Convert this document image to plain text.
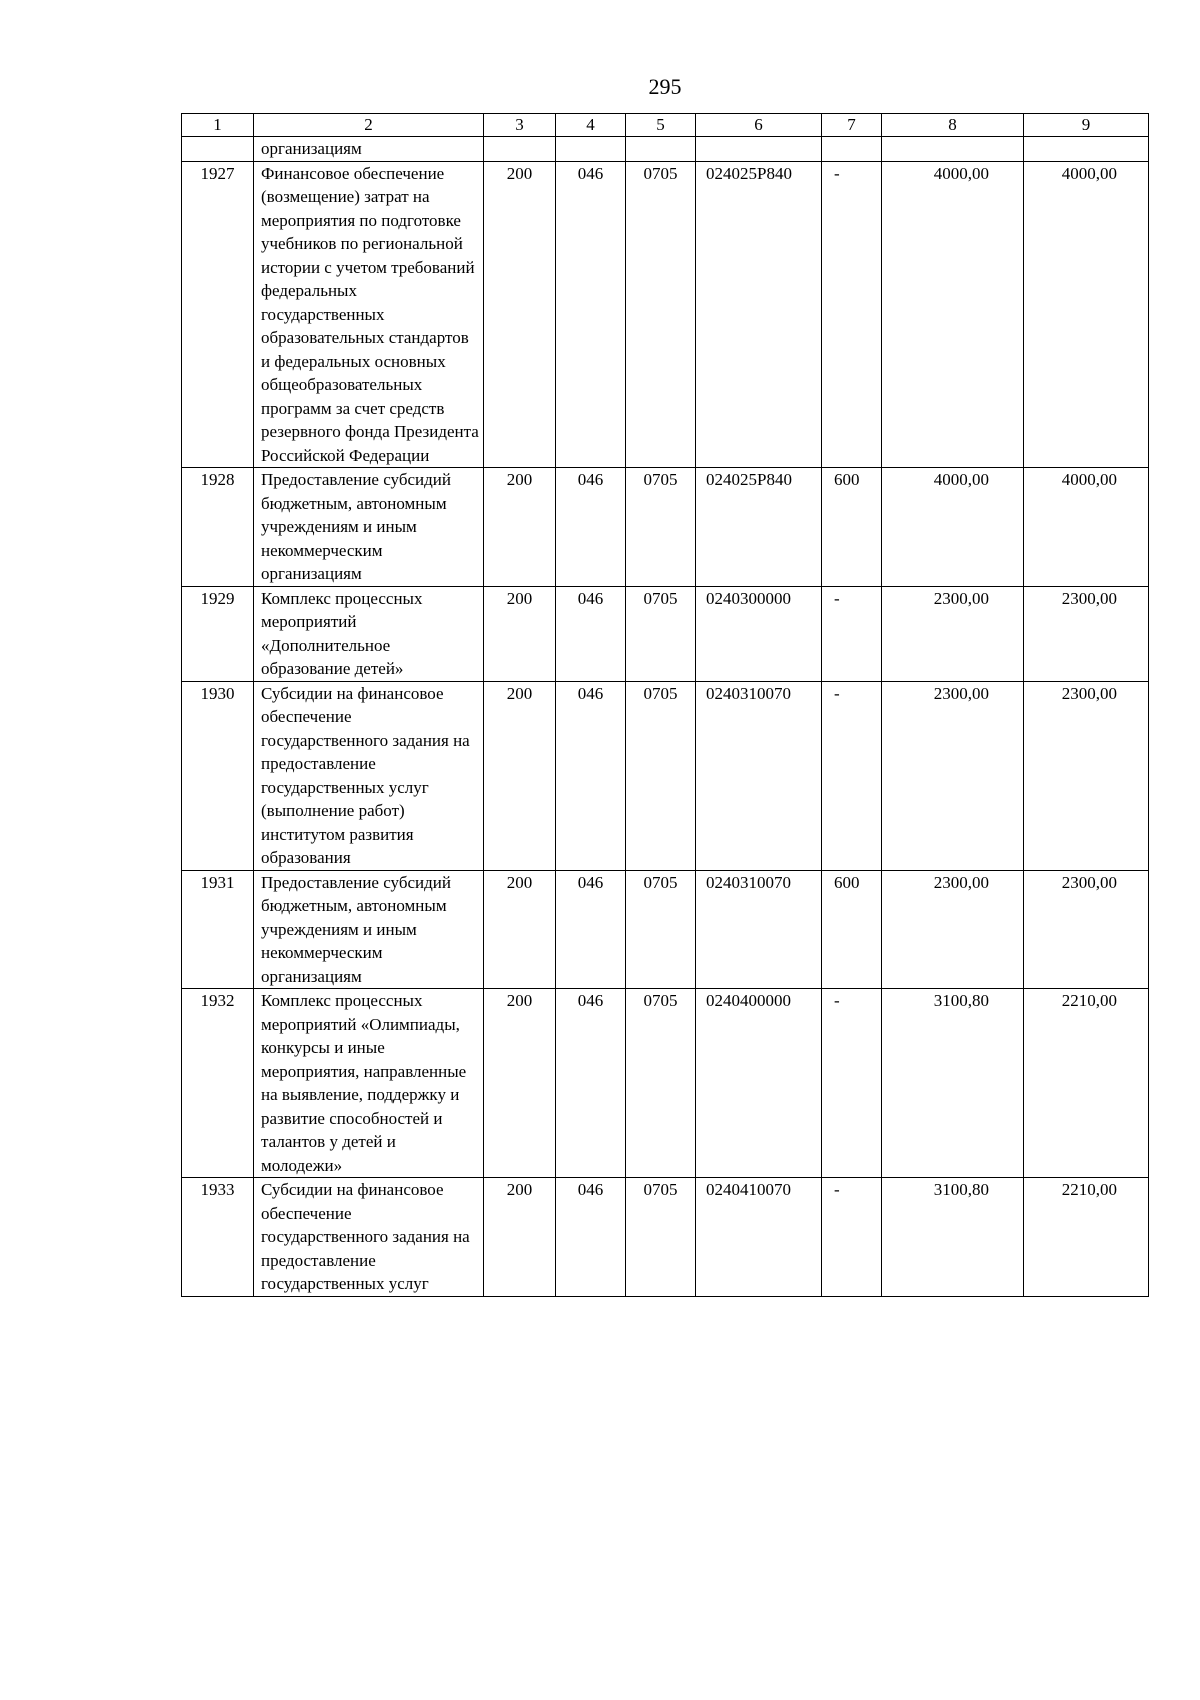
295
1	2	3	4	5	6	7	8	9
	организациям							
1927	Финансовое обеспечение (возмещение) затрат на мероприятия по подготовке учебников по региональной истории с учетом требований федеральных государственных образовательных стандартов и федеральных основных общеобразовательных программ за счет средств резервного фонда Президента Российской Федерации	200	046	0705	024025Р840	-	4000,00	4000,00
1928	Предоставление субсидий бюджетным, автономным учреждениям и иным некоммерческим организациям	200	046	0705	024025Р840	600	4000,00	4000,00
1929	Комплекс процессных мероприятий «Дополнительное образование детей»	200	046	0705	0240300000	-	2300,00	2300,00
1930	Субсидии на финансовое обеспечение государственного задания на предоставление государственных услуг (выполнение работ) институтом развития образования	200	046	0705	0240310070	-	2300,00	2300,00
1931	Предоставление субсидий бюджетным, автономным учреждениям и иным некоммерческим организациям	200	046	0705	0240310070	600	2300,00	2300,00
1932	Комплекс процессных мероприятий «Олимпиады, конкурсы и иные мероприятия, направленные на выявление, поддержку и развитие способностей и талантов у детей и молодежи»	200	046	0705	0240400000	-	3100,80	2210,00
1933	Субсидии на финансовое обеспечение государственного задания на предоставление государственных услуг	200	046	0705	0240410070	-	3100,80	2210,00
